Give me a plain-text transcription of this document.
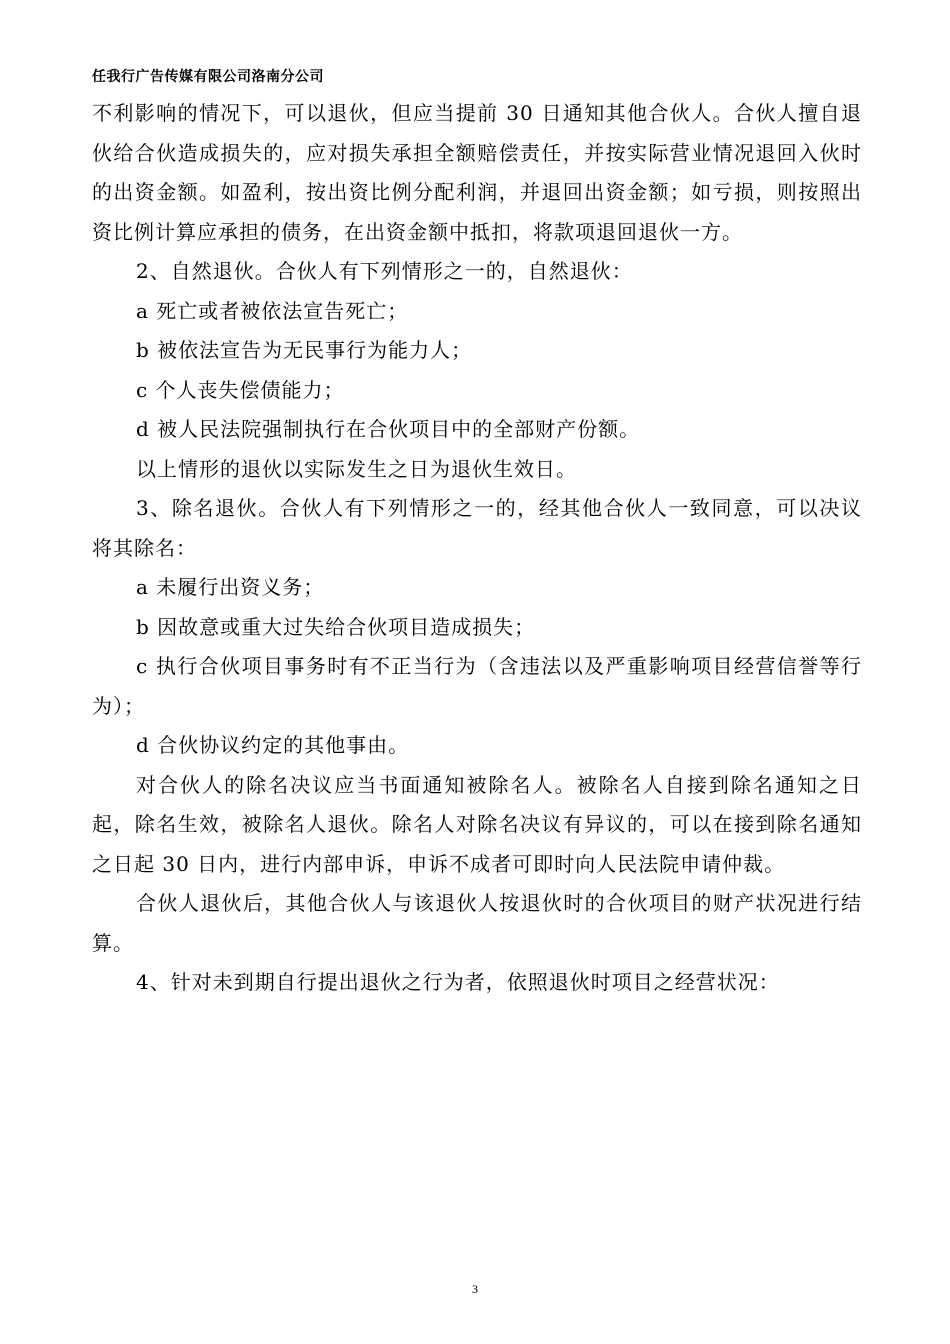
任我行广告传媒有限公司洛南分公司

不利影响的情况下，可以退伙，但应当提前 30 日通知其他合伙人。合伙人擅自退伙给合伙造成损失的，应对损失承担全额赔偿责任，并按实际营业情况退回入伙时的出资金额。如盈利，按出资比例分配利润，并退回出资金额；如亏损，则按照出资比例计算应承担的债务，在出资金额中抵扣，将款项退回退伙一方。

2、自然退伙。合伙人有下列情形之一的，自然退伙：

a 死亡或者被依法宣告死亡；

b 被依法宣告为无民事行为能力人；

c 个人丧失偿债能力；

d 被人民法院强制执行在合伙项目中的全部财产份额。

以上情形的退伙以实际发生之日为退伙生效日。

3、除名退伙。合伙人有下列情形之一的，经其他合伙人一致同意，可以决议将其除名：

a 未履行出资义务；

b 因故意或重大过失给合伙项目造成损失；

c 执行合伙项目事务时有不正当行为（含违法以及严重影响项目经营信誉等行为）；

d 合伙协议约定的其他事由。

对合伙人的除名决议应当书面通知被除名人。被除名人自接到除名通知之日起，除名生效，被除名人退伙。除名人对除名决议有异议的，可以在接到除名通知之日起 30 日内，进行内部申诉，申诉不成者可即时向人民法院申请仲裁。

合伙人退伙后，其他合伙人与该退伙人按退伙时的合伙项目的财产状况进行结算。

4、针对未到期自行提出退伙之行为者，依照退伙时项目之经营状况：

3
